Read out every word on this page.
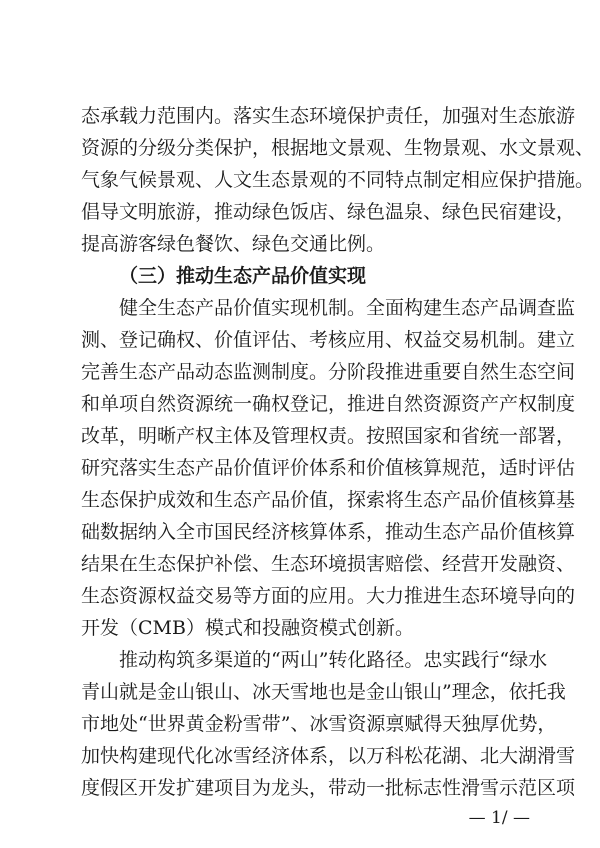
态承载力范围内。落实生态环境保护责任，加强对生态旅游
资源的分级分类保护，根据地文景观、生物景观、水文景观、
气象气候景观、人文生态景观的不同特点制定相应保护措施。
倡导文明旅游，推动绿色饭店、绿色温泉、绿色民宿建设，
提高游客绿色餐饮、绿色交通比例。
（三）推动生态产品价值实现
健全生态产品价值实现机制。全面构建生态产品调查监
测、登记确权、价值评估、考核应用、权益交易机制。建立
完善生态产品动态监测制度。分阶段推进重要自然生态空间
和单项自然资源统一确权登记，推进自然资源资产产权制度
改革，明晰产权主体及管理权责。按照国家和省统一部署，
研究落实生态产品价值评价体系和价值核算规范，适时评估
生态保护成效和生态产品价值，探索将生态产品价值核算基
础数据纳入全市国民经济核算体系，推动生态产品价值核算
结果在生态保护补偿、生态环境损害赔偿、经营开发融资、
生态资源权益交易等方面的应用。大力推进生态环境导向的
开发（CMB）模式和投融资模式创新。
推动构筑多渠道的“两山”转化路径。忠实践行“绿水
青山就是金山银山、冰天雪地也是金山银山”理念，依托我
市地处“世界黄金粉雪带”、冰雪资源禀赋得天独厚优势，
加快构建现代化冰雪经济体系，以万科松花湖、北大湖滑雪
度假区开发扩建项目为龙头，带动一批标志性滑雪示范区项
— 1/ —
